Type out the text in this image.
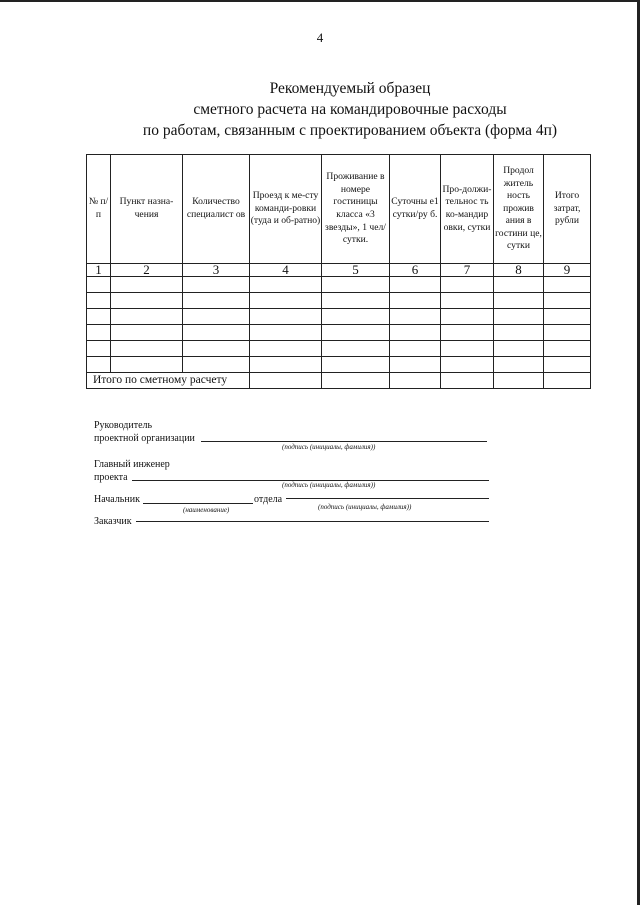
4
Рекомендуемый образец
сметного расчета на командировочные расходы
по работам, связанным с проектированием объекта (форма 4п)
№ п/ п	Пункт назна-чения	Количество специалист ов	Проезд к ме-сту команди-ровки (туда и об-ратно)	Проживание в номере гостиницы класса «3 звезды», 1 чел/сутки.	Суточны е1 сутки/ру б.	Про-должи-тельнос ть ко-мандир овки, сутки	Продол житель ность прожив ания в гостини це, сутки	Итого затрат, рубли
1	2	3	4	5	6	7	8	9

Итого по сметному расчету								
Руководитель
проектной организации
(подпись (инициалы, фамилия))
Главный инженер
проекта
(подпись (инициалы, фамилия))
Начальник	отдела
(наименование)	(подпись (инициалы, фамилия))
Заказчик
